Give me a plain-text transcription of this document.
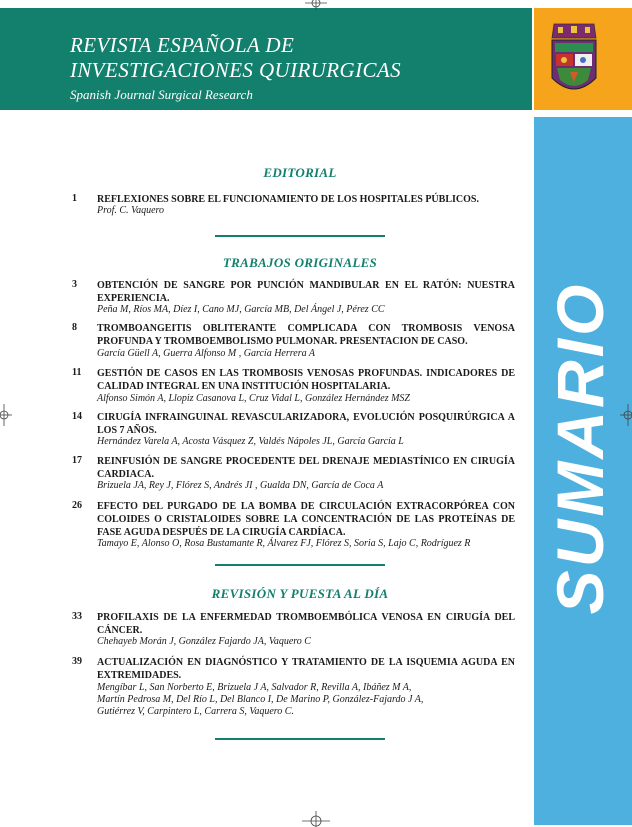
REVISTA ESPAÑOLA DE
INVESTIGACIONES QUIRURGICAS
Spanish Journal Surgical Research
SUMARIO
EDITORIAL
1	REFLEXIONES SOBRE EL FUNCIONAMIENTO DE LOS HOSPITALES PÚBLICOS.
Prof. C. Vaquero
TRABAJOS ORIGINALES
3	OBTENCIÓN DE SANGRE POR PUNCIÓN MANDIBULAR EN EL RATÓN: NUESTRA EXPERIENCIA.
Peña M, Ríos MA, Díez I, Cano MJ, García MB, Del Ángel J, Pérez CC
8	TROMBOANGEITIS OBLITERANTE COMPLICADA CON TROMBOSIS VENOSA PROFUNDA Y TROMBOEMBOLISMO PULMONAR. PRESENTACION DE CASO.
García Güell A, Guerra Alfonso M , García Herrera A
11	GESTIÓN DE CASOS EN LAS TROMBOSIS VENOSAS PROFUNDAS. INDICADORES DE CALIDAD INTEGRAL EN UNA INSTITUCIÓN HOSPITALARIA.
Alfonso Simón A, Llopiz Casanova L, Cruz Vidal L, González Hernández MSZ
14	CIRUGÍA INFRAINGUINAL REVASCULARIZADORA, EVOLUCIÓN POSQUIRÚRGICA A LOS 7 AÑOS.
Hernández Varela A, Acosta Vásquez Z, Valdés Nápoles JL, García García L
17	REINFUSIÓN DE SANGRE PROCEDENTE DEL DRENAJE MEDIASTÍNICO EN CIRUGÍA CARDIACA.
Brizuela JA, Rey J, Flórez S, Andrés JI , Gualda DN, García de Coca A
26	EFECTO DEL PURGADO DE LA BOMBA DE CIRCULACIÓN EXTRACORPÓREA CON COLOIDES O CRISTALOIDES SOBRE LA CONCENTRACIÓN DE LAS PROTEÍNAS DE FASE AGUDA DESPUÉS DE LA CIRUGÍA CARDÍACA.
Tamayo E, Alonso O, Rosa Bustamante R, Álvarez FJ, Flórez S, Soria S, Lajo C, Rodríguez R
REVISIÓN Y PUESTA AL DÍA
33	PROFILAXIS DE LA ENFERMEDAD TROMBOEMBÓLICA VENOSA EN CIRUGÍA DEL CÁNCER.
Chehayeb Morán J, González Fajardo JA, Vaquero C
39	ACTUALIZACIÓN EN DIAGNÓSTICO Y TRATAMIENTO DE LA ISQUEMIA AGUDA EN EXTREMIDADES.
Mengíbar L, San Norberto E, Brizuela J A, Salvador R, Revilla A, Ibáñez M A,
Martín Pedrosa M, Del Río L, Del Blanco I, De Marino P, González-Fajardo J A,
Gutiérrez V, Carpintero L, Carrera S, Vaquero C.
